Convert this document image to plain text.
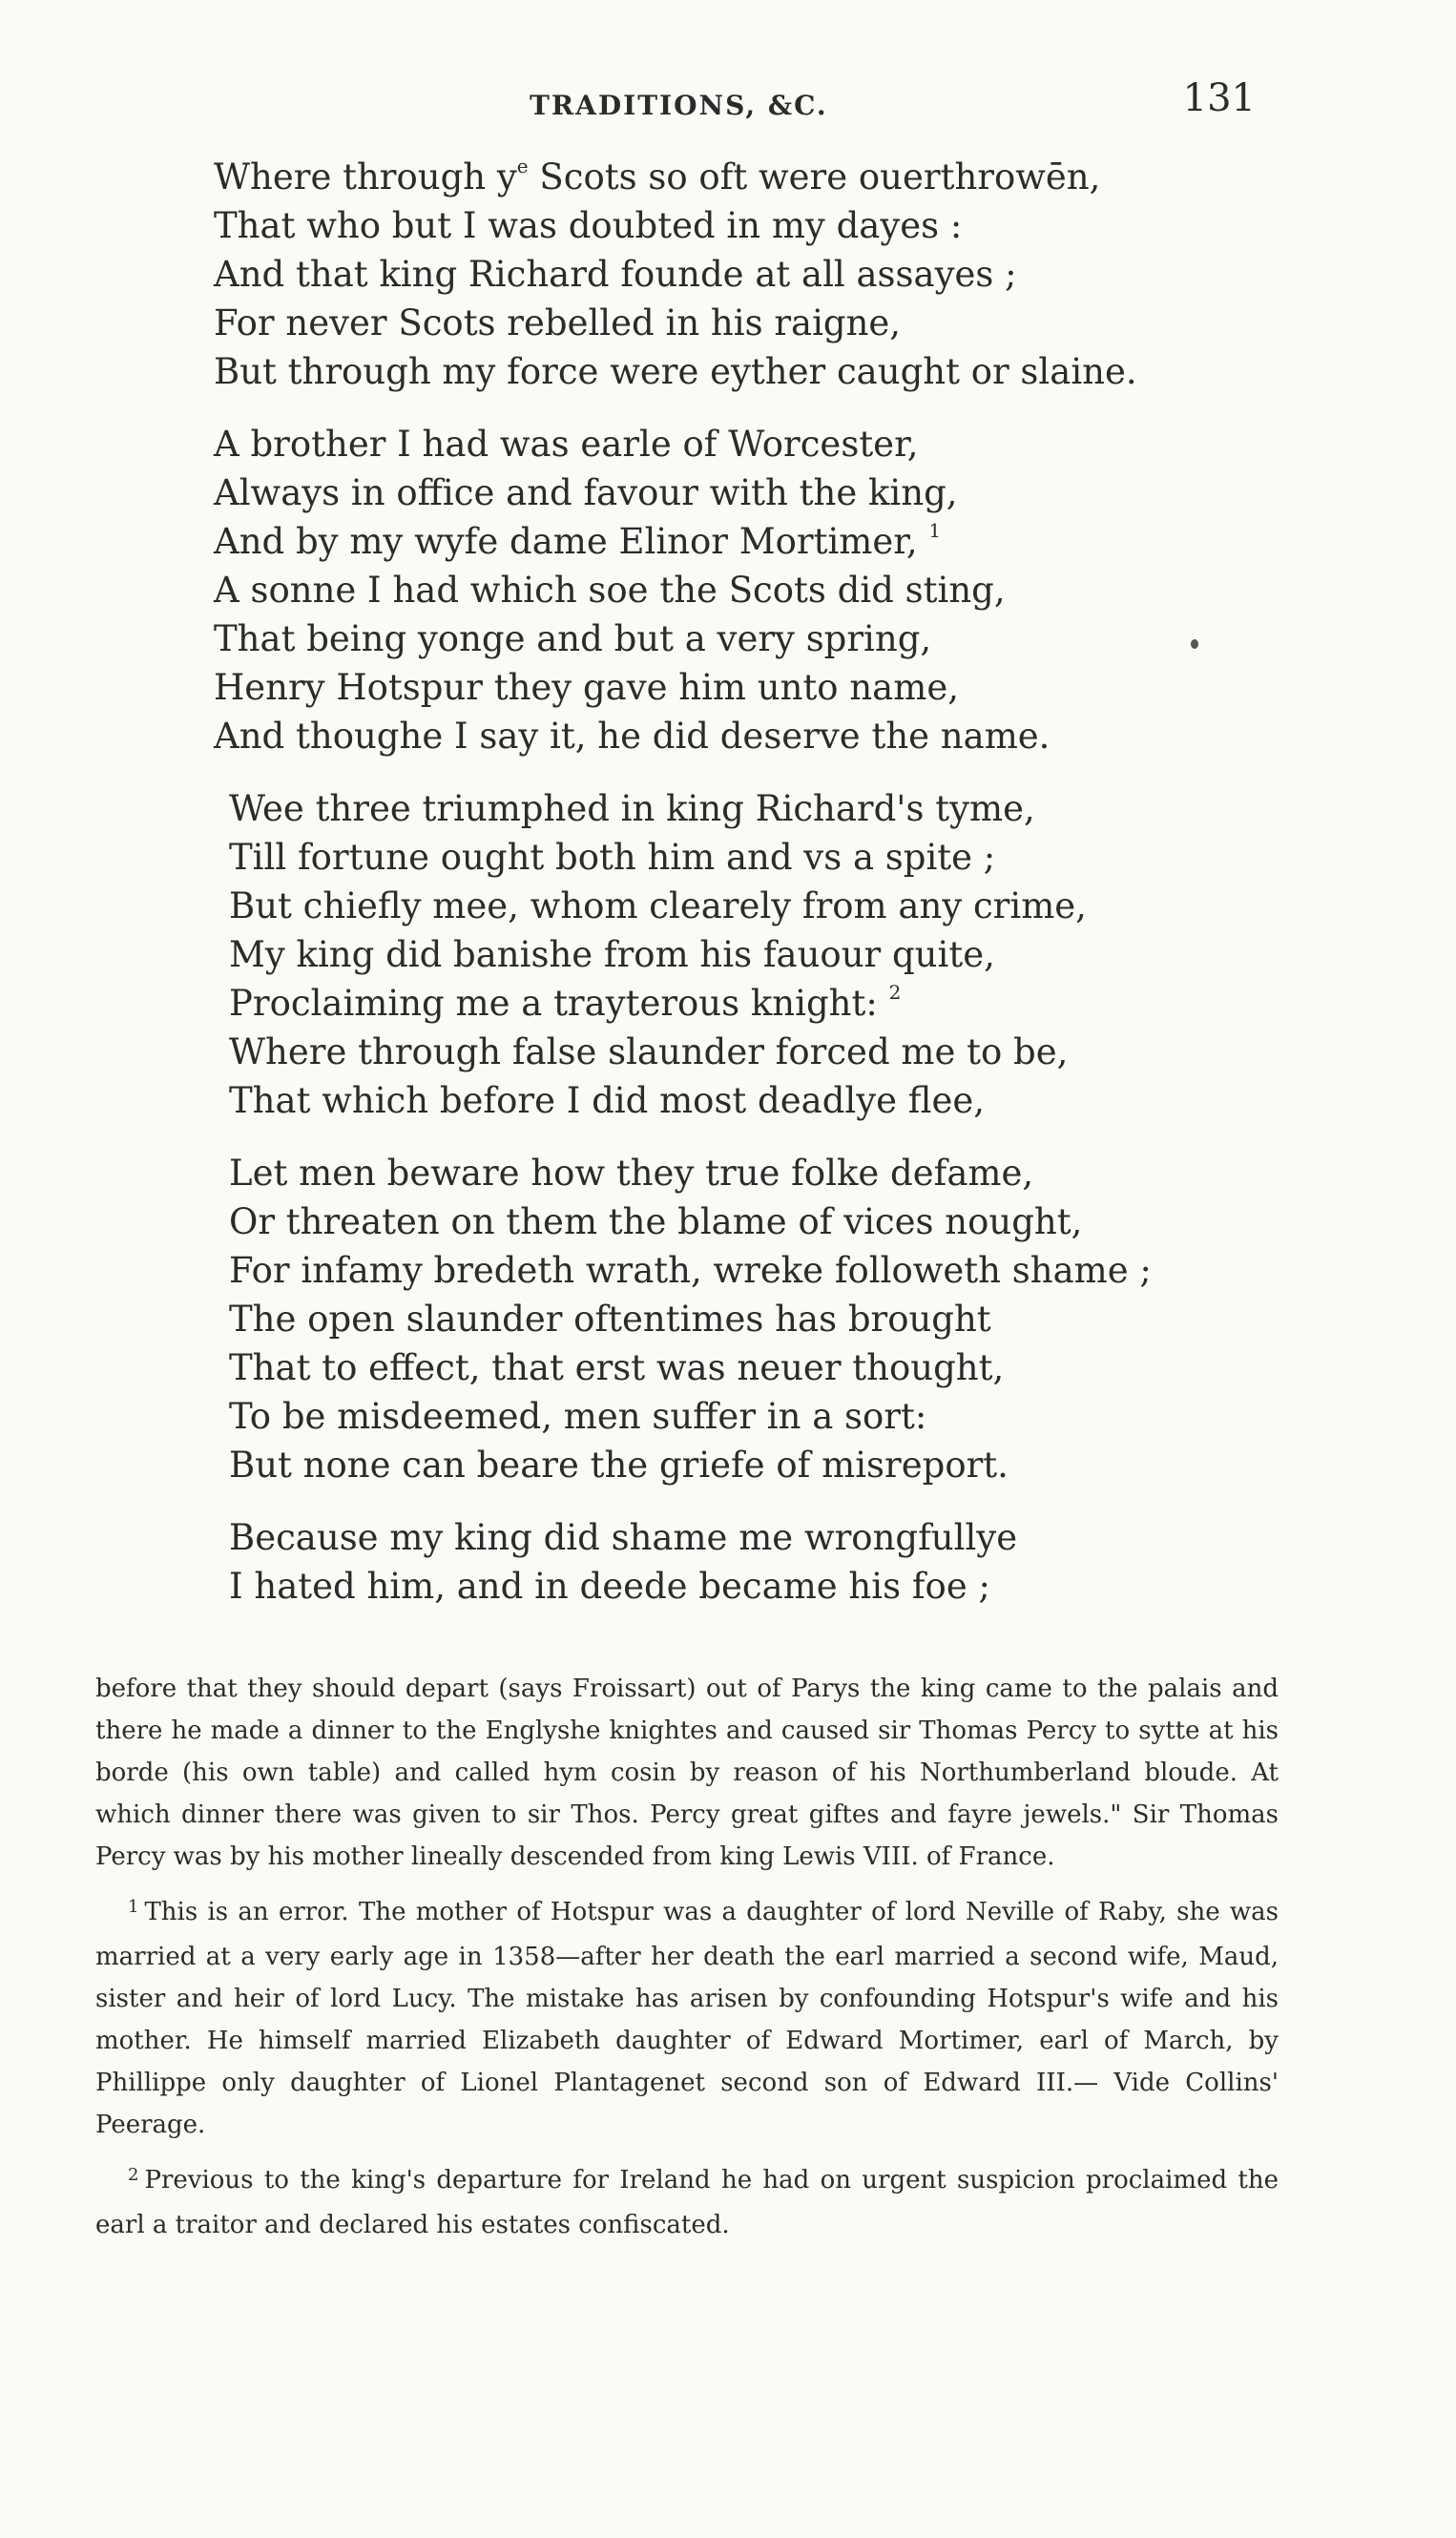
TRADITIONS, &C.	131
Where through $y^e$ Scots so oft were ouerthrowēn,
That who but I was doubted in my dayes :
And that king Richard founde at all assayes ;
For never Scots rebelled in his raigne,
But through my force were eyther caught or slaine.
A brother I had was earle of Worcester,
Always in office and favour with the king,
And by my wyfe dame Elinor Mortimer, $^1$
A sonne I had which soe the Scots did sting,
That being yonge and but a very spring,
Henry Hotspur they gave him unto name,
And thoughe I say it, he did deserve the name.
Wee three triumphed in king Richard's tyme,
Till fortune ought both him and vs a spite ;
But chiefly mee, whom clearely from any crime,
My king did banishe from his fauour quite,
Proclaiming me a trayterous knight: $^2$
Where through false slaunder forced me to be,
That which before I did most deadlye flee,
Let men beware how they true folke defame,
Or threaten on them the blame of vices nought,
For infamy bredeth wrath, wreke followeth shame ;
The open slaunder oftentimes has brought
That to effect, that erst was neuer thought,
To be misdeemed, men suffer in a sort:
But none can beare the griefe of misreport.
Because my king did shame me wrongfullye
I hated him, and in deede became his foe ;

before that they should depart (says Froissart) out of Parys the king came to the palais and there he made a dinner to the Englyshe knightes and caused sir Thomas Percy to sytte at his borde (his own table) and called hym cosin by reason of his Northumberland bloude. At which dinner there was given to sir Thos. Percy great giftes and fayre jewels." Sir Thomas Percy was by his mother lineally descended from king Lewis VIII. of France.

$^1$ This is an error. The mother of Hotspur was a daughter of lord Neville of Raby, she was married at a very early age in 1358—after her death the earl married a second wife, Maud, sister and heir of lord Lucy. The mistake has arisen by confounding Hotspur's wife and his mother. He himself married Elizabeth daughter of Edward Mortimer, earl of March, by Phillippe only daughter of Lionel Plantagenet second son of Edward III.— Vide Collins' Peerage.

$^2$ Previous to the king's departure for Ireland he had on urgent suspicion proclaimed the earl a traitor and declared his estates confiscated.
